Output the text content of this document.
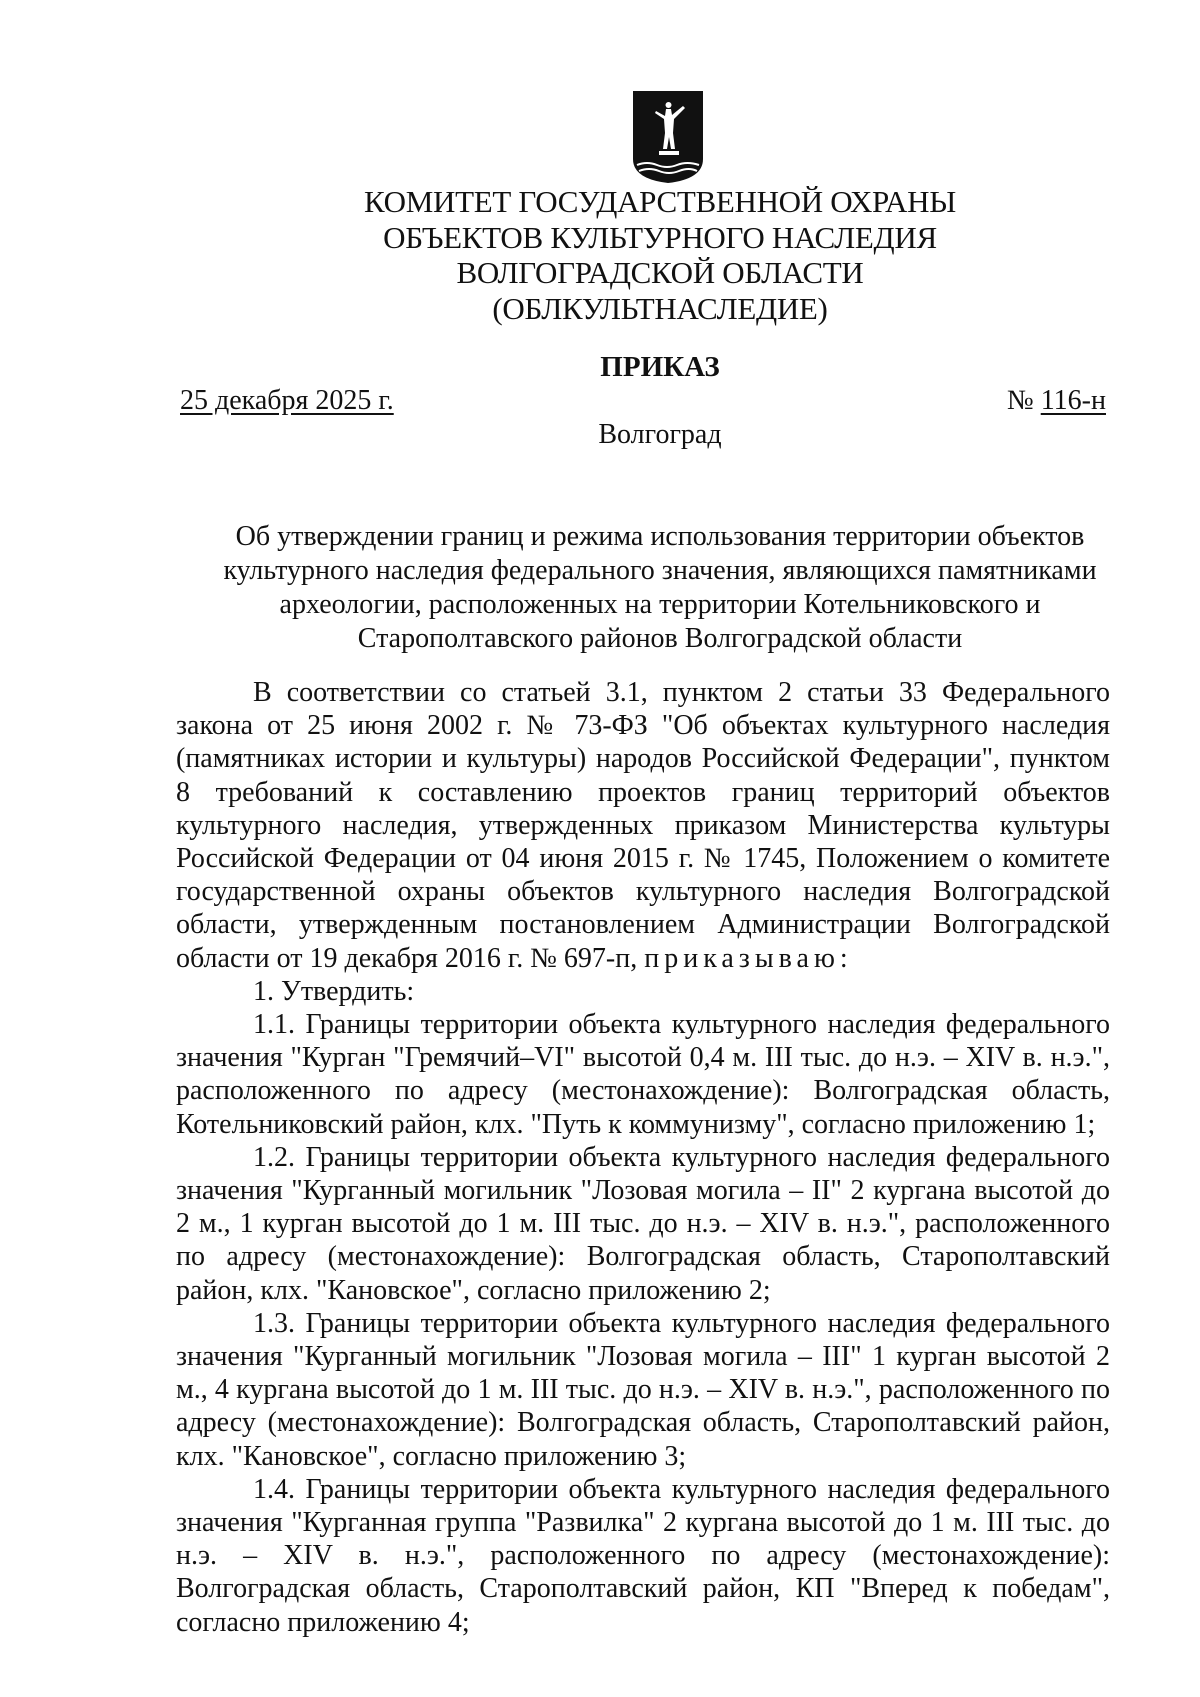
КОМИТЕТ ГОСУДАРСТВЕННОЙ ОХРАНЫ
ОБЪЕКТОВ КУЛЬТУРНОГО НАСЛЕДИЯ
ВОЛГОГРАДСКОЙ ОБЛАСТИ
(ОБЛКУЛЬТНАСЛЕДИЕ)
ПРИКАЗ
25 декабря 2025 г.	№ 116-н
Волгоград
Об утверждении границ и режима использования территории объектов
культурного наследия федерального значения, являющихся памятниками
археологии, расположенных на территории Котельниковского и
Старополтавского районов Волгоградской области

В соответствии со статьей 3.1, пунктом 2 статьи 33 Федерального закона от 25 июня 2002 г. № 73-ФЗ "Об объектах культурного наследия (памятниках истории и культуры) народов Российской Федерации", пунктом 8 требований к составлению проектов границ территорий объектов культурного наследия, утвержденных приказом Министерства культуры Российской Федерации от 04 июня 2015 г. № 1745, Положением о комитете государственной охраны объектов культурного наследия Волгоградской области, утвержденным постановлением Администрации Волгоградской области от 19 декабря 2016 г. № 697-п, приказываю:

1. Утвердить:

1.1. Границы территории объекта культурного наследия федерального значения "Курган "Гремячий–VI" высотой 0,4 м. III тыс. до н.э. – XIV в. н.э.", расположенного по адресу (местонахождение): Волгоградская область, Котельниковский район, клх. "Путь к коммунизму", согласно приложению 1;

1.2. Границы территории объекта культурного наследия федерального значения "Курганный могильник "Лозовая могила – II" 2 кургана высотой до 2 м., 1 курган высотой до 1 м. III тыс. до н.э. – XIV в. н.э.", расположенного по адресу (местонахождение): Волгоградская область, Старополтавский район, клх. "Кановское", согласно приложению 2;

1.3. Границы территории объекта культурного наследия федерального значения "Курганный могильник "Лозовая могила – III" 1 курган высотой 2 м., 4 кургана высотой до 1 м. III тыс. до н.э. – XIV в. н.э.", расположенного по адресу (местонахождение): Волгоградская область, Старополтавский район, клх. "Кановское", согласно приложению 3;

1.4. Границы территории объекта культурного наследия федерального значения "Курганная группа "Развилка" 2 кургана высотой до 1 м. III тыс. до н.э. – XIV в. н.э.", расположенного по адресу (местонахождение): Волгоградская область, Старополтавский район, КП "Вперед к победам", согласно приложению 4;
